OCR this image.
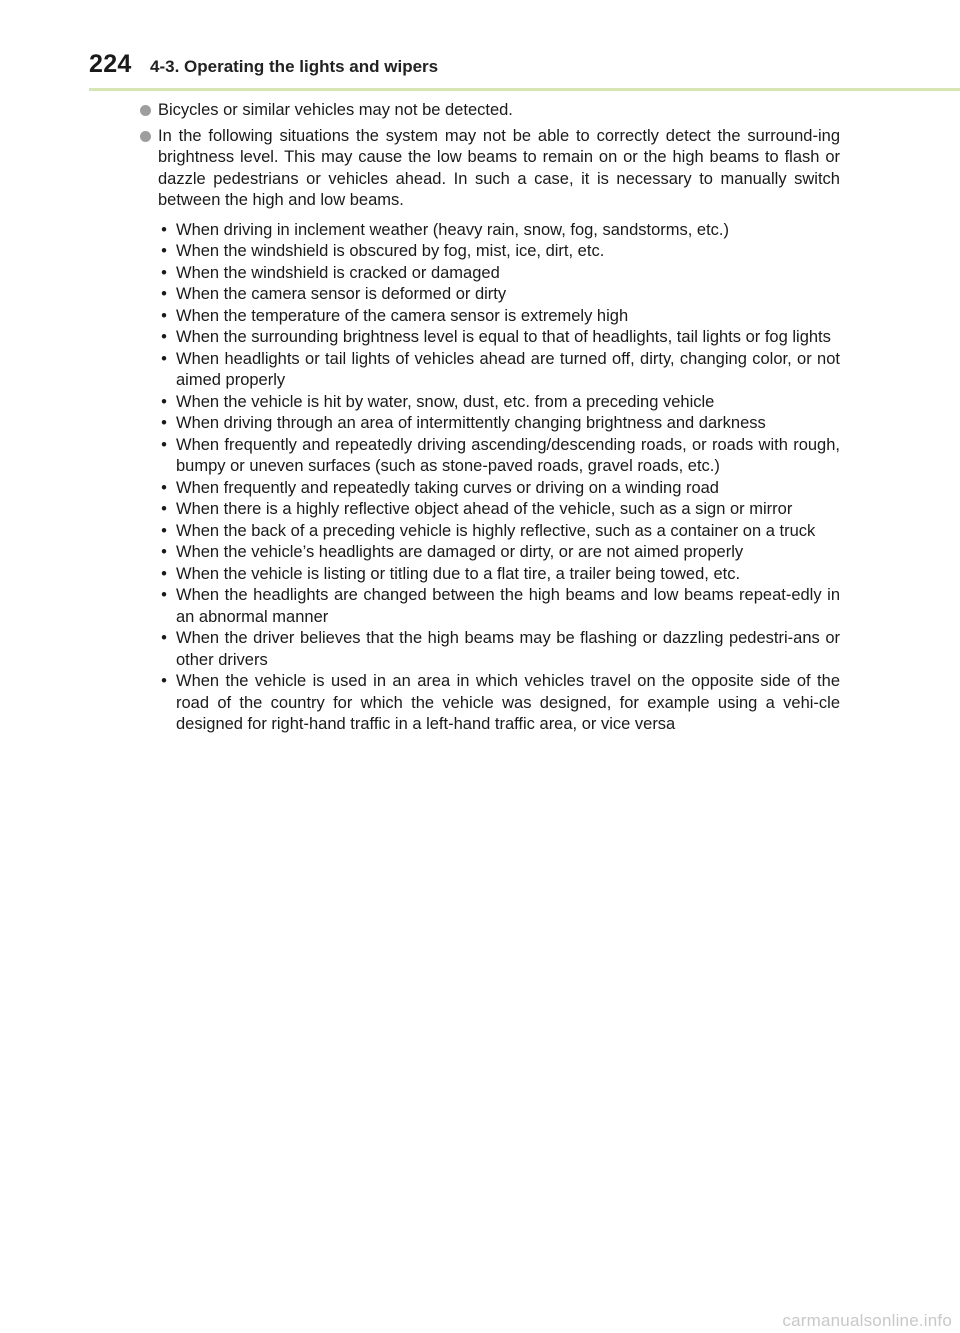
224 4-3. Operating the lights and wipers
Bicycles or similar vehicles may not be detected.
In the following situations the system may not be able to correctly detect the surround-ing brightness level. This may cause the low beams to remain on or the high beams to flash or dazzle pedestrians or vehicles ahead. In such a case, it is necessary to manually switch between the high and low beams.
• When driving in inclement weather (heavy rain, snow, fog, sandstorms, etc.)
• When the windshield is obscured by fog, mist, ice, dirt, etc.
• When the windshield is cracked or damaged
• When the camera sensor is deformed or dirty
• When the temperature of the camera sensor is extremely high
• When the surrounding brightness level is equal to that of headlights, tail lights or fog lights
• When headlights or tail lights of vehicles ahead are turned off, dirty, changing color, or not aimed properly
• When the vehicle is hit by water, snow, dust, etc. from a preceding vehicle
• When driving through an area of intermittently changing brightness and darkness
• When frequently and repeatedly driving ascending/descending roads, or roads with rough, bumpy or uneven surfaces (such as stone-paved roads, gravel roads, etc.)
• When frequently and repeatedly taking curves or driving on a winding road
• When there is a highly reflective object ahead of the vehicle, such as a sign or mirror
• When the back of a preceding vehicle is highly reflective, such as a container on a truck
• When the vehicle’s headlights are damaged or dirty, or are not aimed properly
• When the vehicle is listing or titling due to a flat tire, a trailer being towed, etc.
• When the headlights are changed between the high beams and low beams repeat-edly in an abnormal manner
• When the driver believes that the high beams may be flashing or dazzling pedestri-ans or other drivers
• When the vehicle is used in an area in which vehicles travel on the opposite side of the road of the country for which the vehicle was designed, for example using a vehi-cle designed for right-hand traffic in a left-hand traffic area, or vice versa
carmanualsonline.info
